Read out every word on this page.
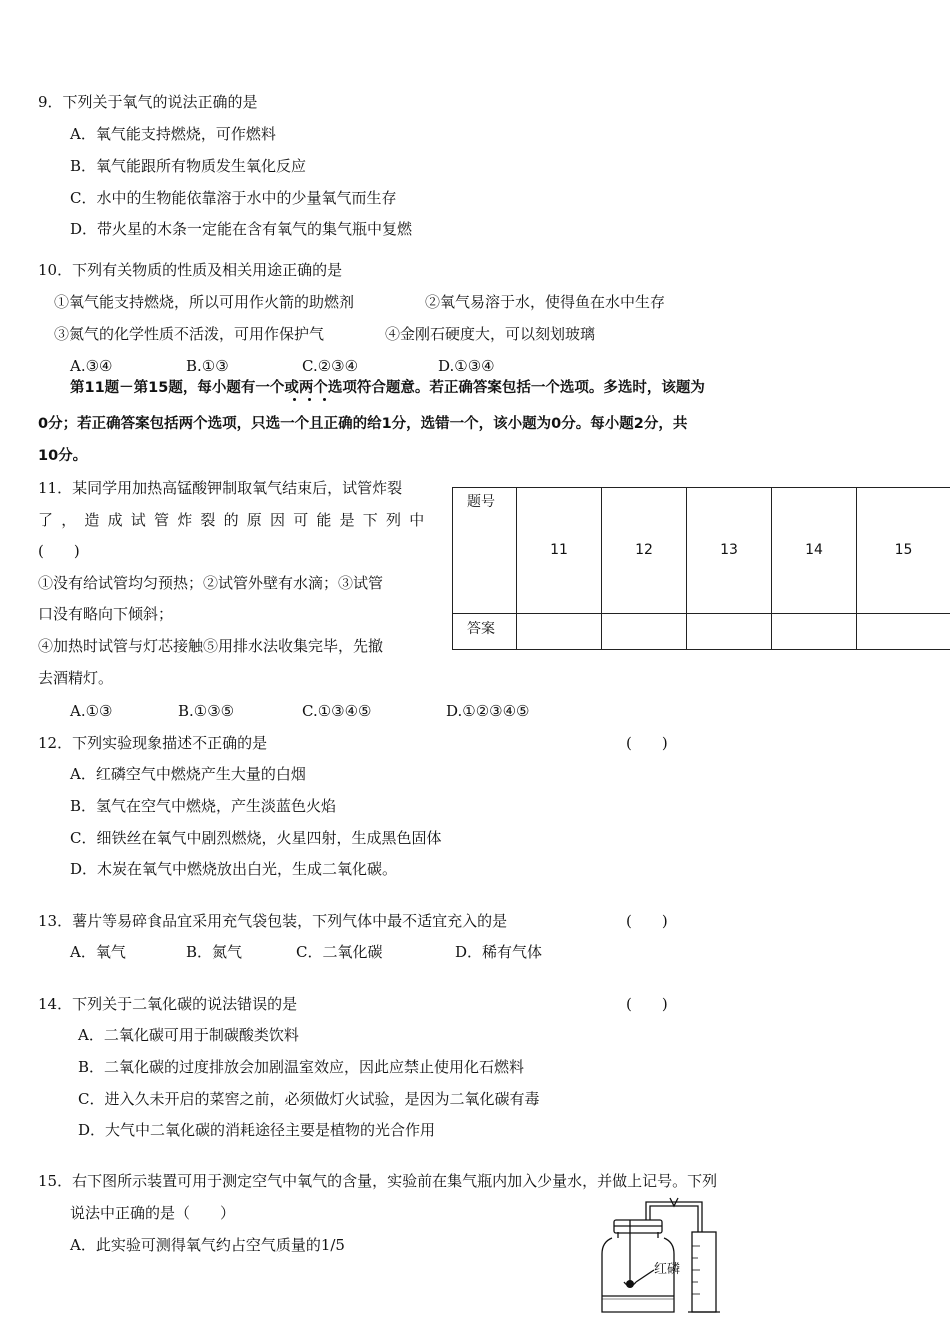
9．下列关于氧气的说法正确的是
A．氧气能支持燃烧，可作燃料
B．氧气能跟所有物质发生氧化反应
C．水中的生物能依靠溶于水中的少量氧气而生存
D．带火星的木条一定能在含有氧气的集气瓶中复燃
10．下列有关物质的性质及相关用途正确的是
①氧气能支持燃烧，所以可用作火箭的助燃剂	②氧气易溶于水，使得鱼在水中生存
③氮气的化学性质不活泼，可用作保护气	④金刚石硬度大，可以刻划玻璃
A.③④	B.①③	C.②③④	D.①③④
第11题－第15题，每小题有一个或两个选项符合题意。若正确答案包括一个选项。多选时，该题为
0分；若正确答案包括两个选项，只选一个且正确的给1分，选错一个，该小题为0分。每小题2分，共
10分。
题号	11	12	13	14	15
答案					
11．某同学用加热高锰酸钾制取氧气结束后，试管炸裂
了，造成试管炸裂的原因可能是下列中
(　　)
①没有给试管均匀预热；②试管外壁有水滴；③试管
口没有略向下倾斜；
④加热时试管与灯芯接触⑤用排水法收集完毕，先撤
去酒精灯。
A.①③	B.①③⑤	C.①③④⑤	D.①②③④⑤
12．下列实验现象描述不正确的是	(　　)
A．红磷空气中燃烧产生大量的白烟
B．氢气在空气中燃烧，产生淡蓝色火焰
C．细铁丝在氧气中剧烈燃烧，火星四射，生成黑色固体
D．木炭在氧气中燃烧放出白光，生成二氧化碳。
13．薯片等易碎食品宜采用充气袋包装，下列气体中最不适宜充入的是	(　　)
A．氧气	B．氮气	C．二氧化碳	D．稀有气体
14．下列关于二氧化碳的说法错误的是	(　　)
A．二氧化碳可用于制碳酸类饮料
B．二氧化碳的过度排放会加剧温室效应，因此应禁止使用化石燃料
C．进入久未开启的菜窖之前，必须做灯火试验，是因为二氧化碳有毒
D．大气中二氧化碳的消耗途径主要是植物的光合作用
15．右下图所示装置可用于测定空气中氧气的含量，实验前在集气瓶内加入少量水，并做上记号。下列
说法中正确的是（　　）
A．此实验可测得氧气约占空气质量的1/5
红磷
